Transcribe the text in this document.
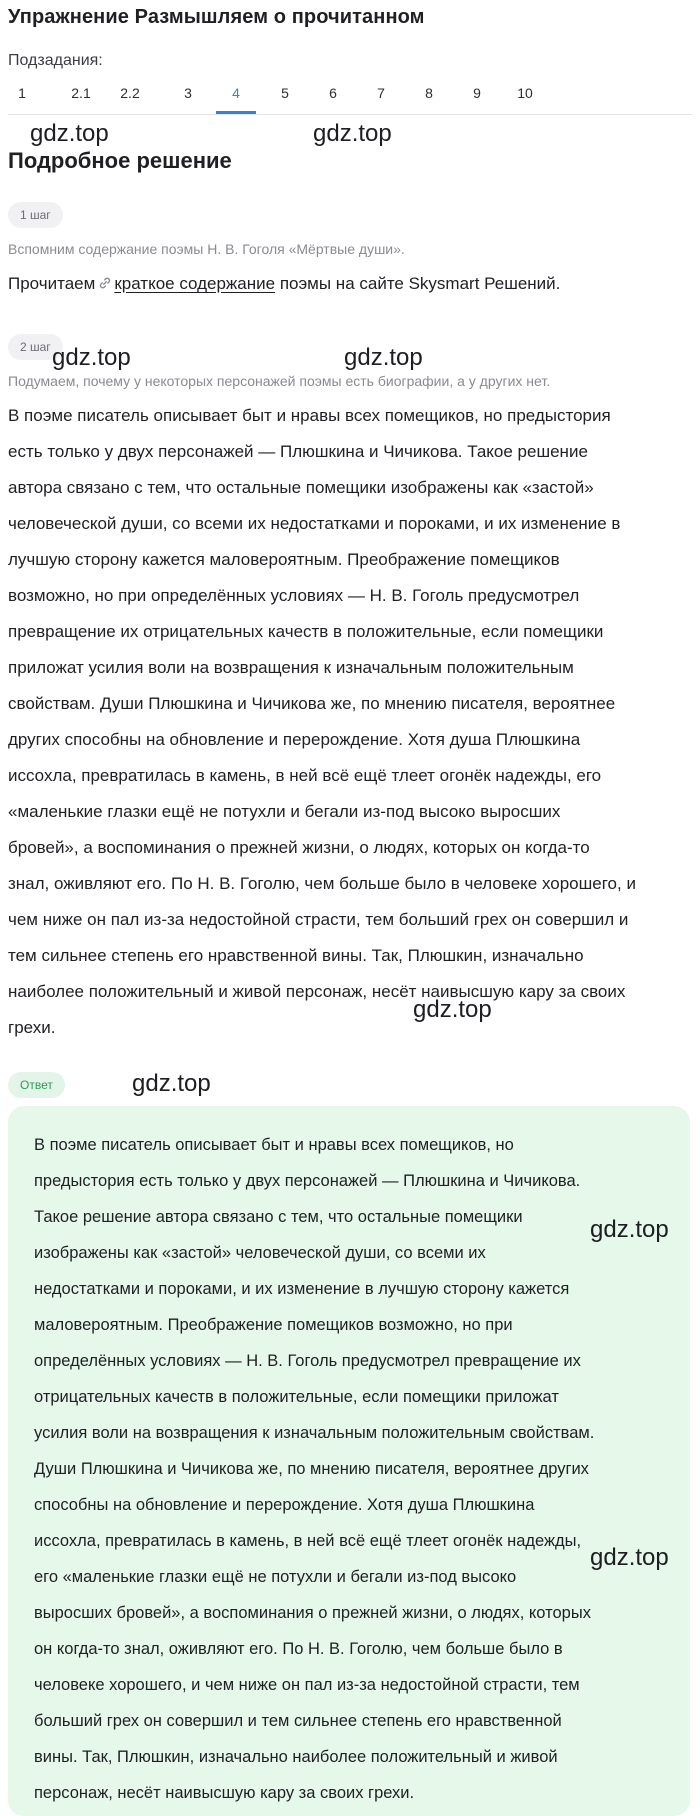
Упражнение Размышляем о прочитанном
Подзадания:
1	2.1	2.2	3	4	5	6	7	8	9	10
gdz.top	gdz.top
Подробное решение
1 шаг
Вспомним содержание поэмы Н. В. Гоголя «Мёртвые души».
Прочитаем краткое содержание поэмы на сайте Skysmart Решений.
2 шаг gdz.top	gdz.top
Подумаем, почему у некоторых персонажей поэмы есть биографии, а у других нет.
В поэме писатель описывает быт и нравы всех помещиков, но предыстория
есть только у двух персонажей — Плюшкина и Чичикова. Такое решение
автора связано с тем, что остальные помещики изображены как «застой»
человеческой души, со всеми их недостатками и пороками, и их изменение в
лучшую сторону кажется маловероятным. Преображение помещиков
возможно, но при определённых условиях — Н. В. Гоголь предусмотрел
превращение их отрицательных качеств в положительные, если помещики
приложат усилия воли на возвращения к изначальным положительным
свойствам. Души Плюшкина и Чичикова же, по мнению писателя, вероятнее
других способны на обновление и перерождение. Хотя душа Плюшкина
иссохла, превратилась в камень, в ней всё ещё тлеет огонёк надежды, его
«маленькие глазки ещё не потухли и бегали из-под высоко выросших
бровей», а воспоминания о прежней жизни, о людях, которых он когда-то
знал, оживляют его. По Н. В. Гоголю, чем больше было в человеке хорошего, и
чем ниже он пал из-за недостойной страсти, тем больший грех он совершил и
тем сильнее степень его нравственной вины. Так, Плюшкин, изначально
наиболее положительный и живой персонаж, несёт наивысшую кару за своих
грехи.
gdz.top
Ответ	gdz.top
В поэме писатель описывает быт и нравы всех помещиков, но
предыстория есть только у двух персонажей — Плюшкина и Чичикова.
Такое решение автора связано с тем, что остальные помещики
изображены как «застой» человеческой души, со всеми их
недостатками и пороками, и их изменение в лучшую сторону кажется
маловероятным. Преображение помещиков возможно, но при
определённых условиях — Н. В. Гоголь предусмотрел превращение их
отрицательных качеств в положительные, если помещики приложат
усилия воли на возвращения к изначальным положительным свойствам.
Души Плюшкина и Чичикова же, по мнению писателя, вероятнее других
способны на обновление и перерождение. Хотя душа Плюшкина
иссохла, превратилась в камень, в ней всё ещё тлеет огонёк надежды,
его «маленькие глазки ещё не потухли и бегали из-под высоко
выросших бровей», а воспоминания о прежней жизни, о людях, которых
он когда-то знал, оживляют его. По Н. В. Гоголю, чем больше было в
человеке хорошего, и чем ниже он пал из-за недостойной страсти, тем
больший грех он совершил и тем сильнее степень его нравственной
вины. Так, Плюшкин, изначально наиболее положительный и живой
персонаж, несёт наивысшую кару за своих грехи.
gdz.top
gdz.top
